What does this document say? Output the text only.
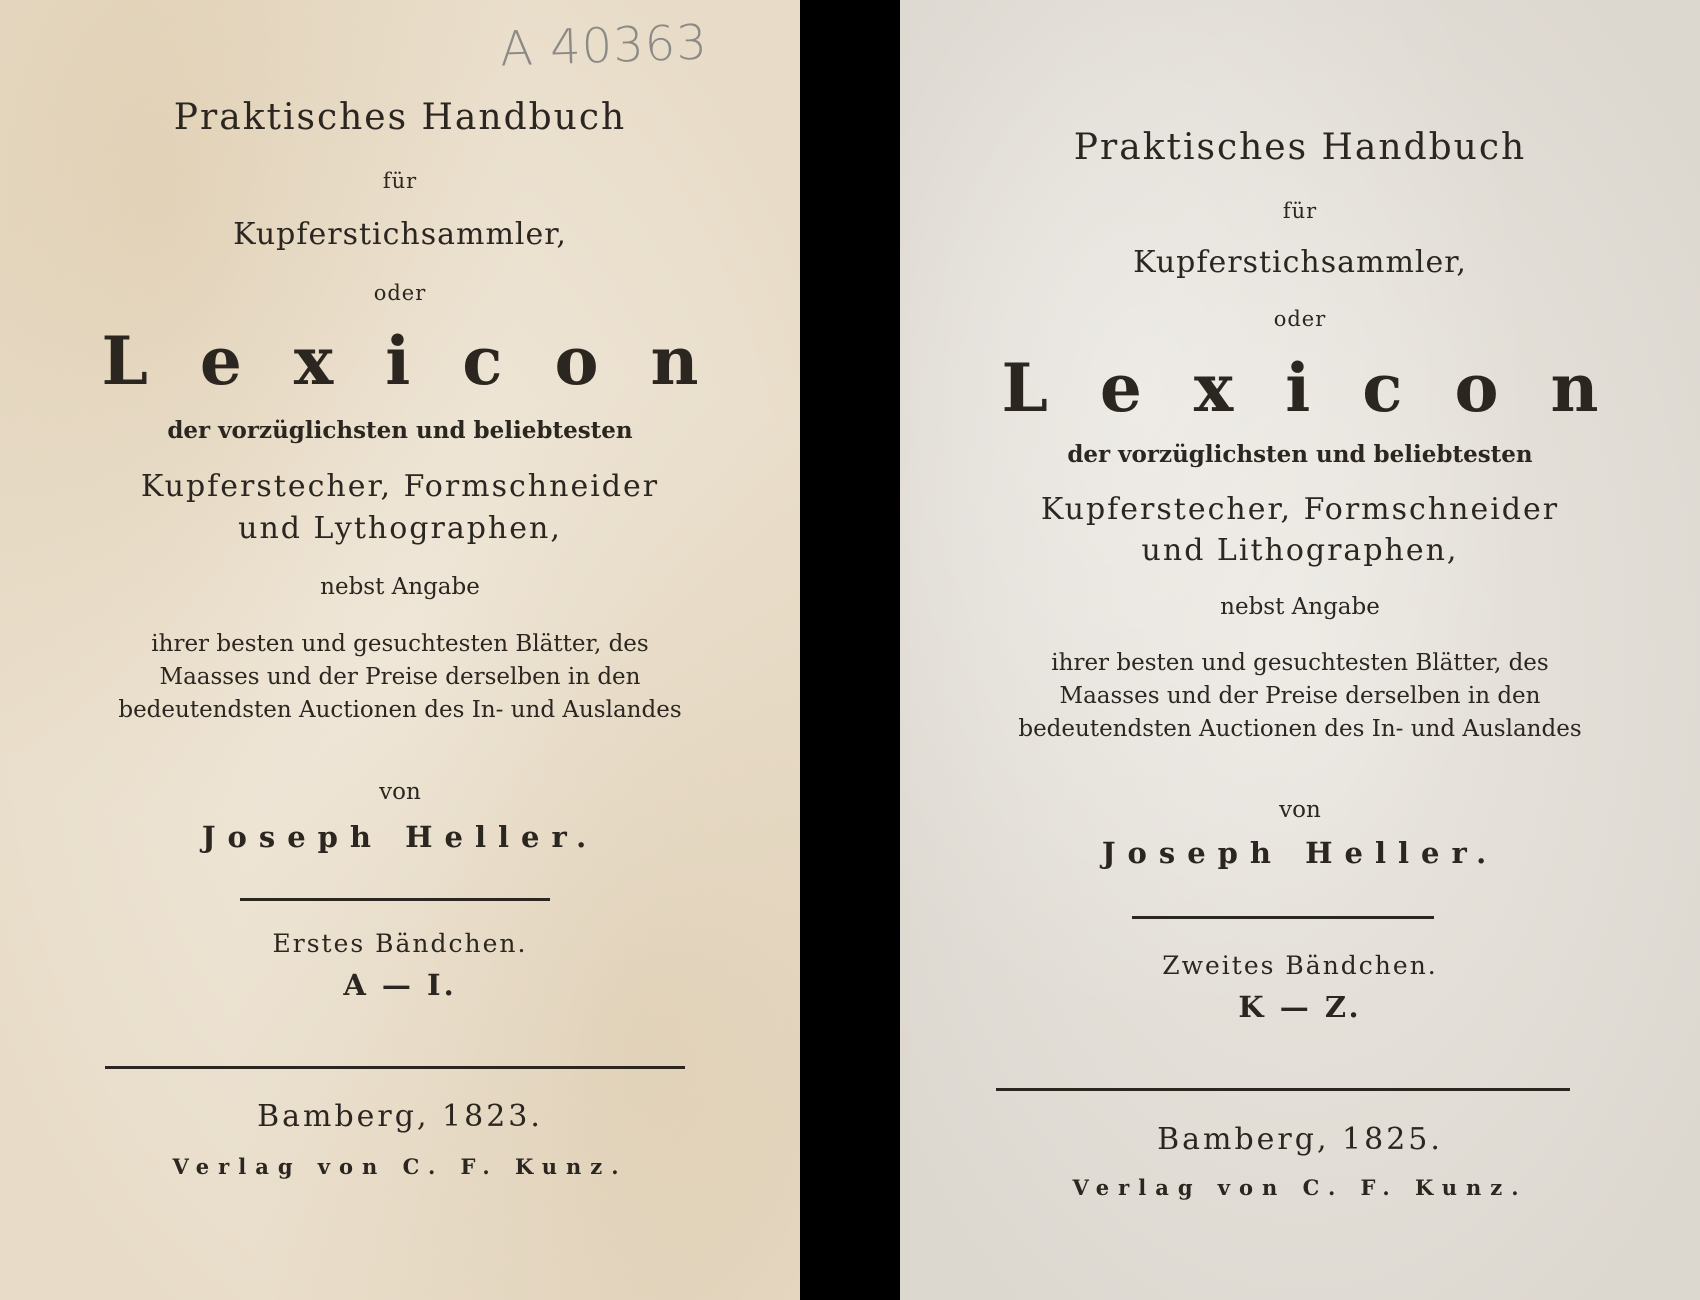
A 40363
Praktisches Handbuch
für
Kupferstichsammler,
oder
Lexicon
der vorzüglichsten und beliebtesten
Kupferstecher, Formschneider
und Lythographen,
nebst Angabe
ihrer besten und gesuchtesten Blätter, des Maasses und der Preise derselben in den bedeutendsten Auctionen des In- und Auslandes
von
Joseph Heller.
Erstes Bändchen.
A — I.
Bamberg, 1823.
Verlag von C. F. Kunz.
Praktisches Handbuch
für
Kupferstichsammler,
oder
Lexicon
der vorzüglichsten und beliebtesten
Kupferstecher, Formschneider
und Lithographen,
nebst Angabe
ihrer besten und gesuchtesten Blätter, des Maasses und der Preise derselben in den bedeutendsten Auctionen des In- und Auslandes
von
Joseph Heller.
Zweites Bändchen.
K — Z.
Bamberg, 1825.
Verlag von C. F. Kunz.
